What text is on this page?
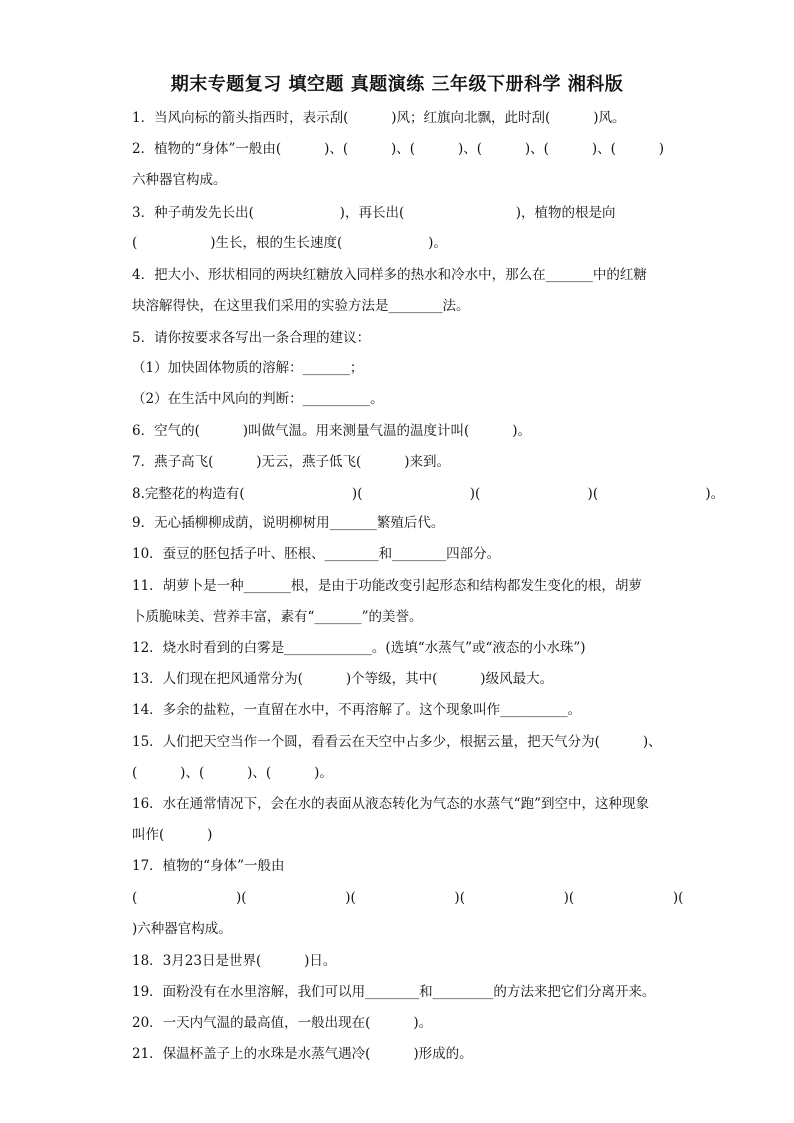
期末专题复习 填空题 真题演练 三年级下册科学 湘科版
1．当风向标的箭头指西时，表示刮(          )风；红旗向北飘，此时刮(          )风。
2．植物的“身体”一般由(          )、(          )、(          )、(          )、(          )、(          )
六种器官构成。
3．种子萌发先长出(                    )，再长出(                          )，植物的根是向
(                 )生长，根的生长速度(                    )。
4．把大小、形状相同的两块红糖放入同样多的热水和冷水中，那么在_______中的红糖
块溶解得快，在这里我们采用的实验方法是________法。
5．请你按要求各写出一条合理的建议：
（1）加快固体物质的溶解：_______；
（2）在生活中风向的判断：__________。
6．空气的(          )叫做气温。用来测量气温的温度计叫(          )。
7．燕子高飞(          )无云，燕子低飞(          )来到。
8.完整花的构造有(                         )(                         )(                         )(                         )。
9．无心插柳柳成荫，说明柳树用_______繁殖后代。
10．蚕豆的胚包括子叶、胚根、________和________四部分。
11．胡萝卜是一种_______根，是由于功能改变引起形态和结构都发生变化的根，胡萝
卜质脆味美、营养丰富，素有“_______”的美誉。
12．烧水时看到的白雾是_____________。(选填“水蒸气”或“液态的小水珠”)
13．人们现在把风通常分为(          )个等级，其中(          )级风最大。
14．多余的盐粒，一直留在水中，不再溶解了。这个现象叫作__________。
15．人们把天空当作一个圆，看看云在天空中占多少，根据云量，把天气分为(          )、
(          )、(          )、(          )。
16．水在通常情况下，会在水的表面从液态转化为气态的水蒸气“跑”到空中，这种现象
叫作(          )
17．植物的“身体”一般由
(                       )(                       )(                       )(                       )(                       )(
)六种器官构成。
18．3月23日是世界(          )日。
19．面粉没有在水里溶解，我们可以用________和_________的方法来把它们分离开来。
20．一天内气温的最高值，一般出现在(          )。
21．保温杯盖子上的水珠是水蒸气遇冷(          )形成的。
